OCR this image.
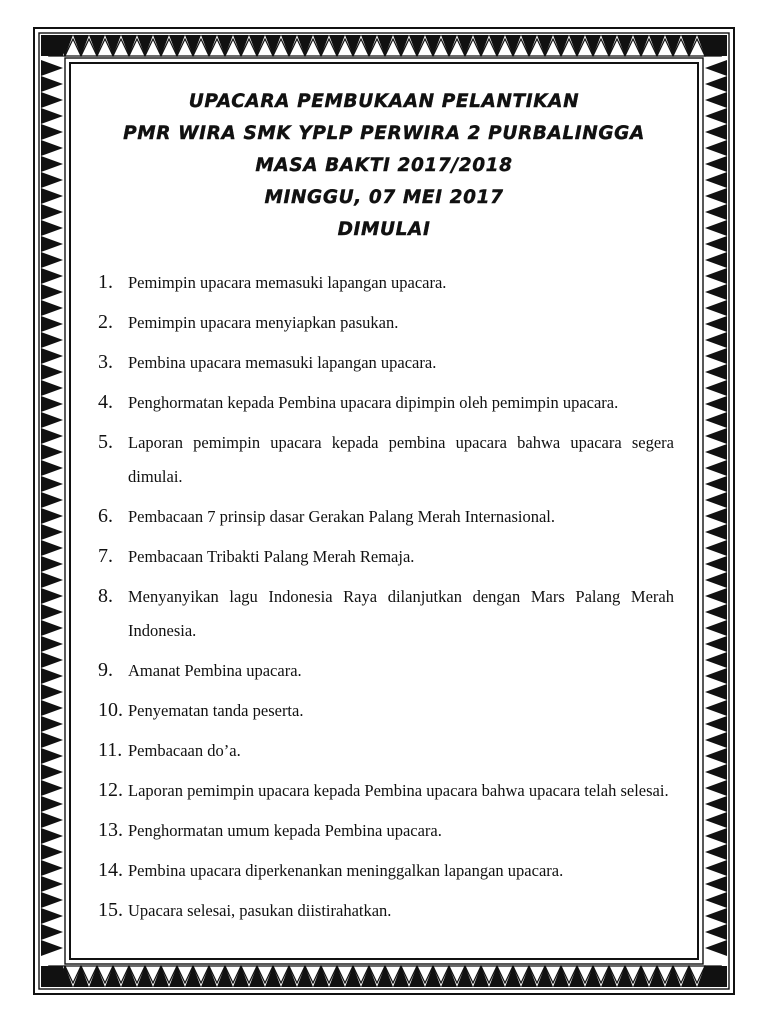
UPACARA PEMBUKAAN PELANTIKAN
PMR WIRA SMK YPLP PERWIRA 2 PURBALINGGA
MASA BAKTI 2017/2018
MINGGU, 07 MEI 2017
DIMULAI
1. Pemimpin upacara memasuki lapangan upacara.
2. Pemimpin upacara menyiapkan pasukan.
3. Pembina upacara memasuki lapangan upacara.
4. Penghormatan kepada Pembina upacara dipimpin oleh pemimpin upacara.
5. Laporan pemimpin upacara kepada pembina upacara bahwa upacara segera dimulai.
6. Pembacaan 7 prinsip dasar Gerakan Palang Merah Internasional.
7. Pembacaan Tribakti Palang Merah Remaja.
8. Menyanyikan lagu Indonesia Raya dilanjutkan dengan Mars Palang Merah Indonesia.
9. Amanat Pembina upacara.
10. Penyematan tanda peserta.
11. Pembacaan do’a.
12. Laporan pemimpin upacara kepada Pembina upacara bahwa upacara telah selesai.
13. Penghormatan umum kepada Pembina upacara.
14. Pembina upacara diperkenankan meninggalkan lapangan upacara.
15. Upacara selesai, pasukan diistirahatkan.
